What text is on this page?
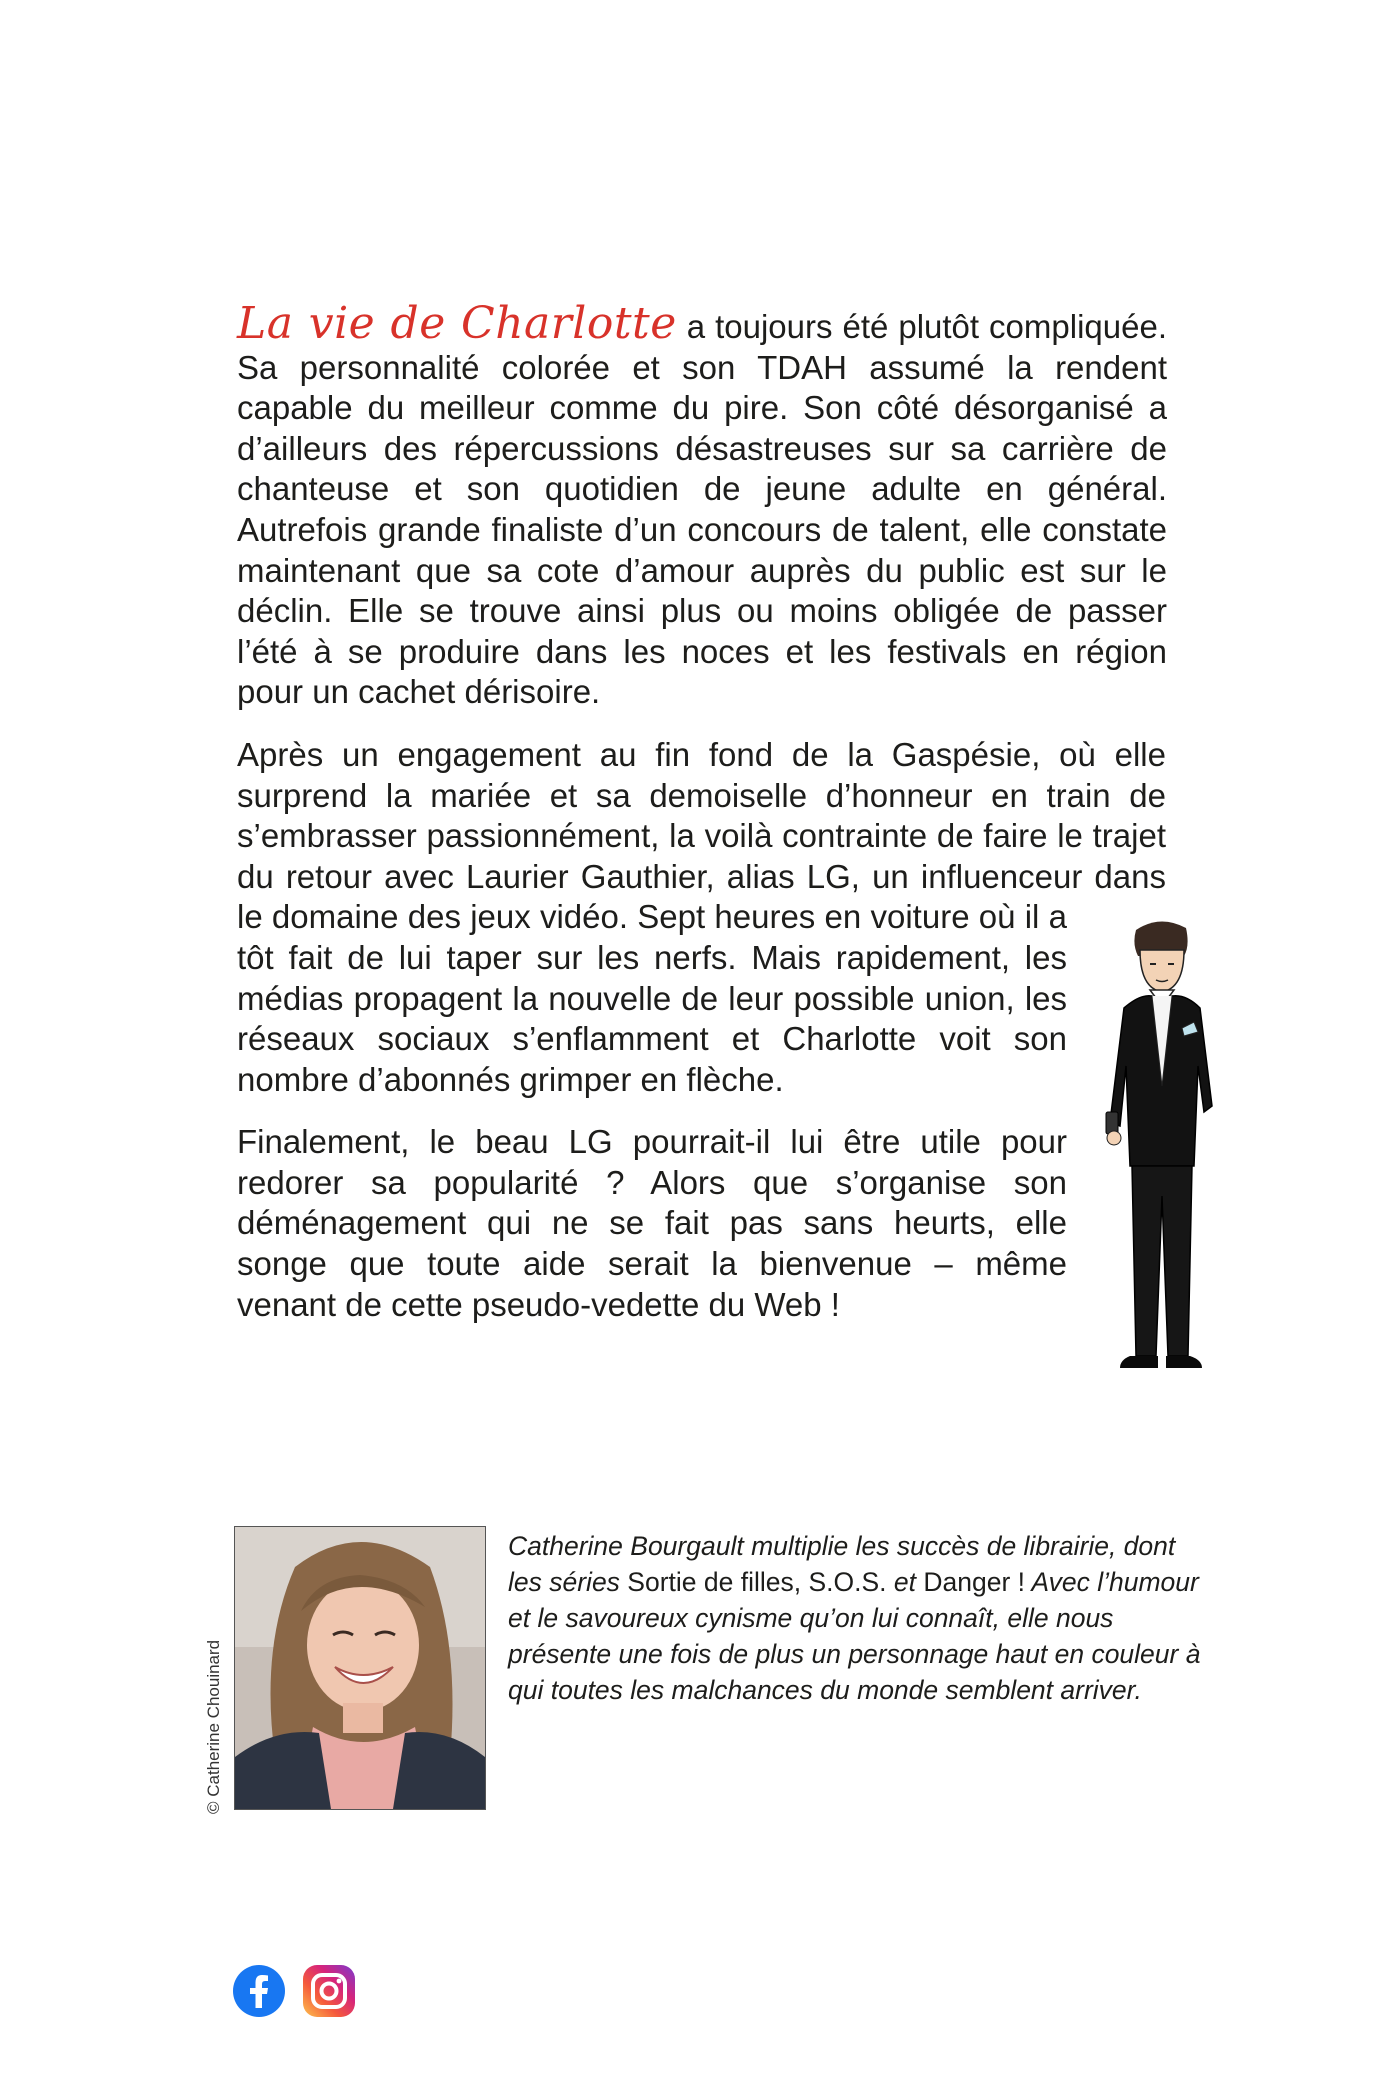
La vie de Charlotte a toujours été plutôt compliquée. Sa personnalité colorée et son TDAH assumé la rendent capable du meilleur comme du pire. Son côté désorganisé a d’ailleurs des répercussions désastreuses sur sa carrière de chanteuse et son quotidien de jeune adulte en général. Autrefois grande finaliste d’un concours de talent, elle constate maintenant que sa cote d’amour auprès du public est sur le déclin. Elle se trouve ainsi plus ou moins obligée de passer l’été à se produire dans les noces et les festivals en région pour un cachet dérisoire.

Après un engagement au fin fond de la Gaspésie, où elle surprend la mariée et sa demoiselle d’honneur en train de s’embrasser passionnément, la voilà contrainte de faire le trajet du retour avec Laurier Gauthier, alias LG, un influenceur dans le domaine des jeux vidéo. Sept heures en voiture où il a tôt fait de lui taper sur les nerfs. Mais rapidement, les médias propagent la nouvelle de leur possible union, les réseaux sociaux s’enflamment et Charlotte voit son nombre d’abonnés grimper en flèche.

Finalement, le beau LG pourrait-il lui être utile pour redorer sa popularité ? Alors que s’organise son déménagement qui ne se fait pas sans heurts, elle songe que toute aide serait la bienvenue – même venant de cette pseudo-vedette du Web !

© Catherine Chouinard
Catherine Bourgault multiplie les succès de librairie, dont les séries Sortie de filles, S.O.S. et Danger ! Avec l’humour et le savoureux cynisme qu’on lui connaît, elle nous présente une fois de plus un personnage haut en couleur à qui toutes les malchances du monde semblent arriver.
